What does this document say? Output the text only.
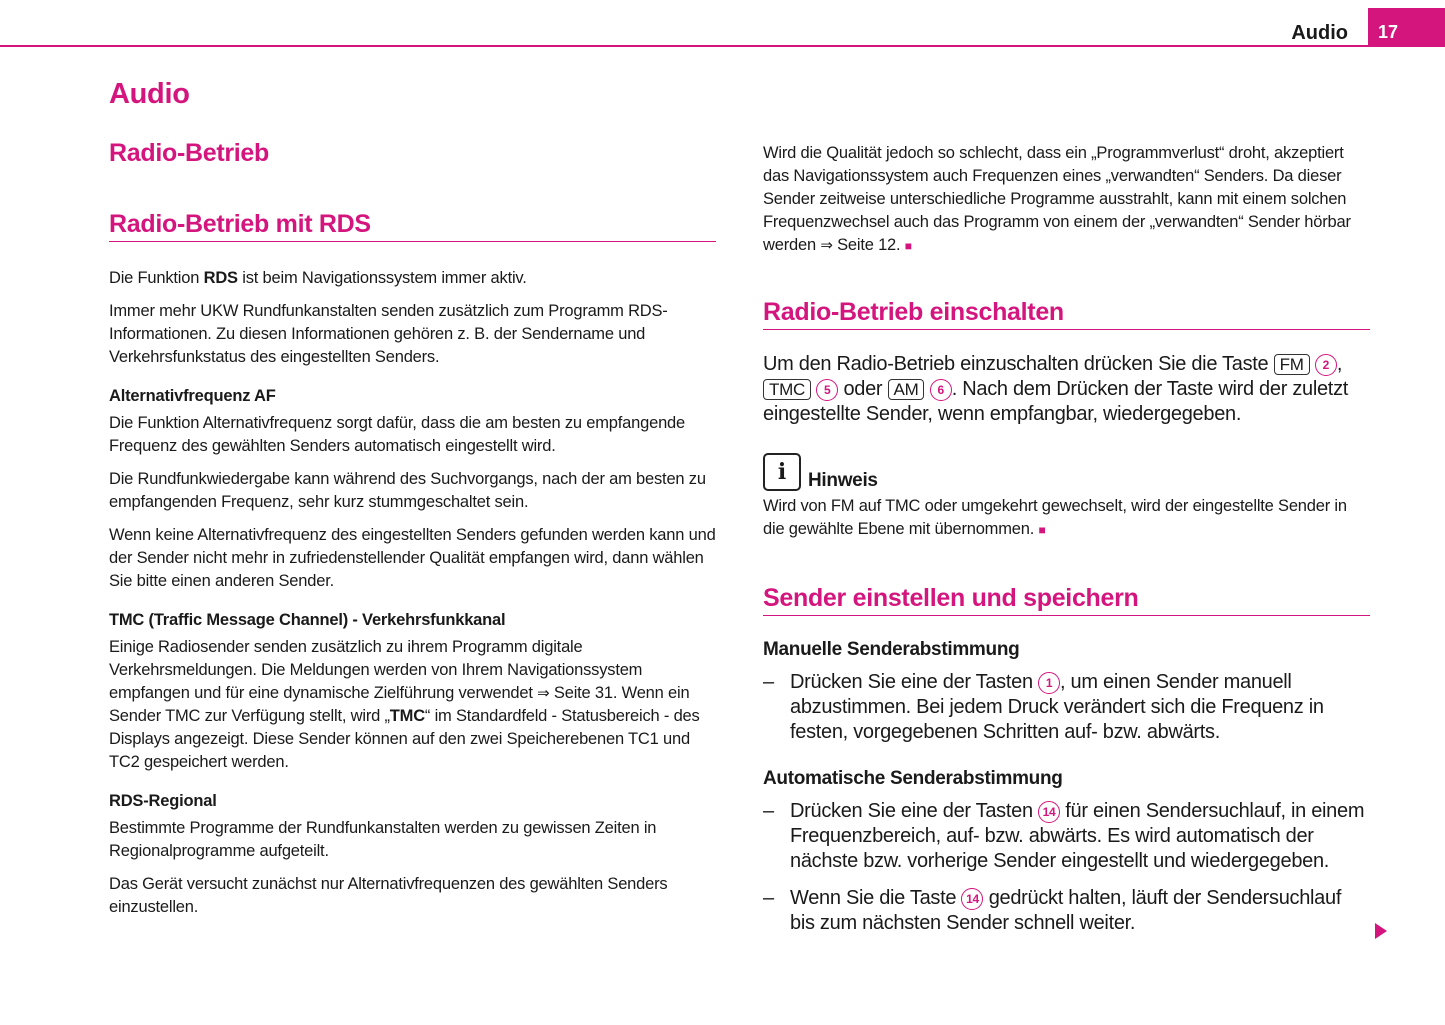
Audio	17
Audio
Radio-Betrieb
Radio-Betrieb mit RDS

Die Funktion RDS ist beim Navigationssystem immer aktiv.

Immer mehr UKW Rundfunkanstalten senden zusätzlich zum Programm RDS-Informationen. Zu diesen Informationen gehören z. B. der Sendername und Verkehrsfunkstatus des eingestellten Senders.

Alternativfrequenz AF

Die Funktion Alternativfrequenz sorgt dafür, dass die am besten zu empfangende Frequenz des gewählten Senders automatisch eingestellt wird.

Die Rundfunkwiedergabe kann während des Suchvorgangs, nach der am besten zu empfangenden Frequenz, sehr kurz stummgeschaltet sein.

Wenn keine Alternativfrequenz des eingestellten Senders gefunden werden kann und der Sender nicht mehr in zufriedenstellender Qualität empfangen wird, dann wählen Sie bitte einen anderen Sender.

TMC (Traffic Message Channel) - Verkehrsfunkkanal

Einige Radiosender senden zusätzlich zu ihrem Programm digitale Verkehrsmeldungen. Die Meldungen werden von Ihrem Navigationssystem empfangen und für eine dynamische Zielführung verwendet ⇒ Seite 31. Wenn ein Sender TMC zur Verfügung stellt, wird „TMC“ im Standardfeld - Statusbereich - des Displays angezeigt. Diese Sender können auf den zwei Speicherebenen TC1 und TC2 gespeichert werden.

RDS-Regional

Bestimmte Programme der Rundfunkanstalten werden zu gewissen Zeiten in Regionalprogramme aufgeteilt.

Das Gerät versucht zunächst nur Alternativfrequenzen des gewählten Senders einzustellen.

Wird die Qualität jedoch so schlecht, dass ein „Programmverlust“ droht, akzeptiert das Navigationssystem auch Frequenzen eines „verwandten“ Senders. Da dieser Sender zeitweise unterschiedliche Programme ausstrahlt, kann mit einem solchen Frequenzwechsel auch das Programm von einem der „verwandten“ Sender hörbar werden ⇒ Seite 12. ■

Radio-Betrieb einschalten

Um den Radio-Betrieb einzuschalten drücken Sie die Taste FM 2 , TMC 5 oder AM 6 . Nach dem Drücken der Taste wird der zuletzt eingestellte Sender, wenn empfangbar, wiedergegeben.

i	Hinweis

Wird von FM auf TMC oder umgekehrt gewechselt, wird der eingestellte Sender in die gewählte Ebene mit übernommen. ■

Sender einstellen und speichern
Manuelle Senderabstimmung

– Drücken Sie eine der Tasten 1 , um einen Sender manuell abzustimmen. Bei jedem Druck verändert sich die Frequenz in festen, vorgegebenen Schritten auf- bzw. abwärts.

Automatische Senderabstimmung

– Drücken Sie eine der Tasten 14 für einen Sendersuchlauf, in einem Frequenzbereich, auf- bzw. abwärts. Es wird automatisch der nächste bzw. vorherige Sender eingestellt und wiedergegeben.

– Wenn Sie die Taste 14 gedrückt halten, läuft der Sendersuchlauf bis zum nächsten Sender schnell weiter.
